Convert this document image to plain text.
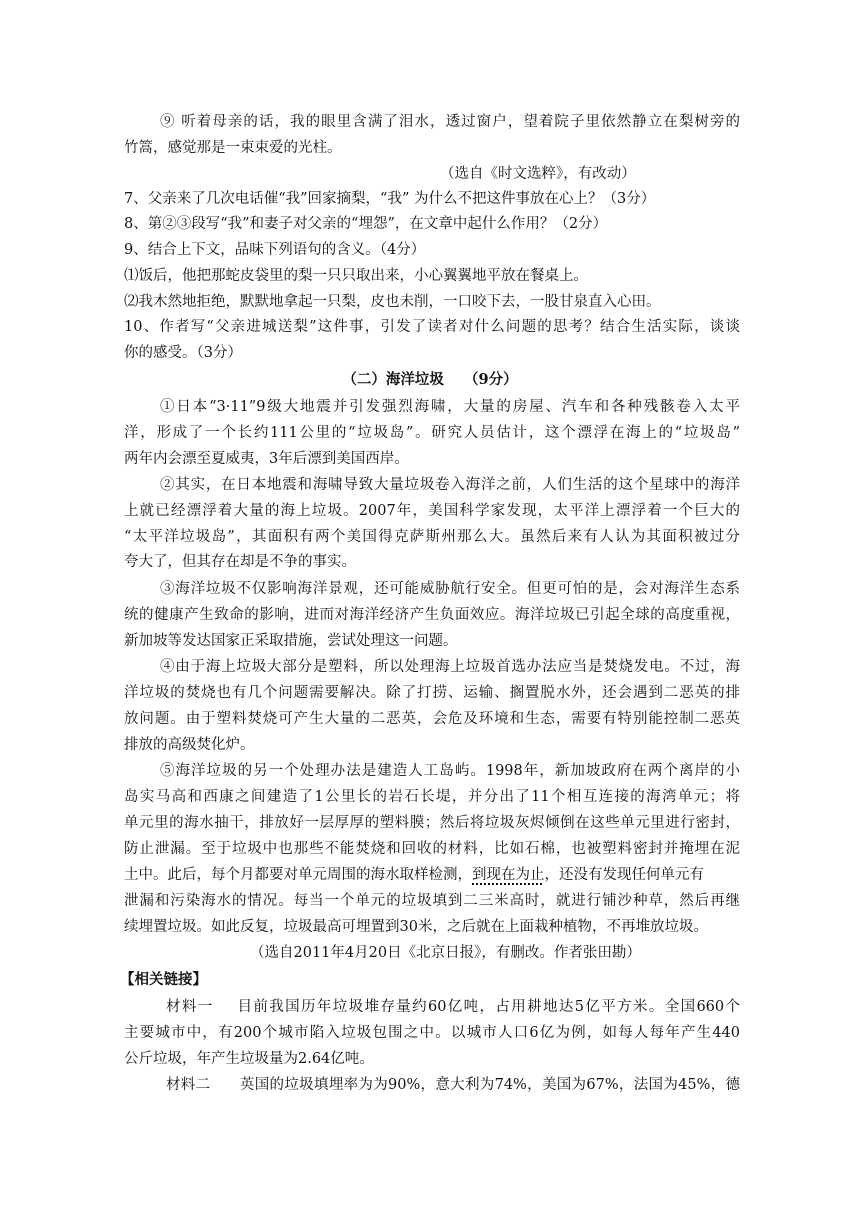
⑨ 听着母亲的话，我的眼里含满了泪水，透过窗户，望着院子里依然静立在梨树旁的
竹篙，感觉那是一束束爱的光柱。
（选自《时文选粹》，有改动）
7、父亲来了几次电话催“我”回家摘梨，“我” 为什么不把这件事放在心上？（3分）
8、第②③段写“我”和妻子对父亲的“埋怨”，在文章中起什么作用？（2分）
9、结合上下文，品味下列语句的含义。（4分）
⑴饭后，他把那蛇皮袋里的梨一只只取出来，小心翼翼地平放在餐桌上。
⑵我木然地拒绝，默默地拿起一只梨，皮也未削，一口咬下去，一股甘泉直入心田。
10、作者写“父亲进城送梨”这件事，引发了读者对什么问题的思考？结合生活实际，谈谈
你的感受。（3分）
（二）海洋垃圾    （9分）
①日本“3·11”9级大地震并引发强烈海啸，大量的房屋、汽车和各种残骸卷入太平
洋，形成了一个长约111公里的“垃圾岛”。研究人员估计，这个漂浮在海上的“垃圾岛”
两年内会漂至夏威夷，3年后漂到美国西岸。
②其实，在日本地震和海啸导致大量垃圾卷入海洋之前，人们生活的这个星球中的海洋
上就已经漂浮着大量的海上垃圾。2007年，美国科学家发现，太平洋上漂浮着一个巨大的
“太平洋垃圾岛”，其面积有两个美国得克萨斯州那么大。虽然后来有人认为其面积被过分
夸大了，但其存在却是不争的事实。
③海洋垃圾不仅影响海洋景观，还可能威胁航行安全。但更可怕的是，会对海洋生态系
统的健康产生致命的影响，进而对海洋经济产生负面效应。海洋垃圾已引起全球的高度重视，
新加坡等发达国家正采取措施，尝试处理这一问题。
④由于海上垃圾大部分是塑料，所以处理海上垃圾首选办法应当是焚烧发电。不过，海
洋垃圾的焚烧也有几个问题需要解决。除了打捞、运输、搁置脱水外，还会遇到二恶英的排
放问题。由于塑料焚烧可产生大量的二恶英，会危及环境和生态，需要有特别能控制二恶英
排放的高级焚化炉。
⑤海洋垃圾的另一个处理办法是建造人工岛屿。1998年，新加坡政府在两个离岸的小
岛实马高和西康之间建造了1公里长的岩石长堤，并分出了11个相互连接的海湾单元；将
单元里的海水抽干，排放好一层厚厚的塑料膜；然后将垃圾灰烬倾倒在这些单元里进行密封，
防止泄漏。至于垃圾中也那些不能焚烧和回收的材料，比如石棉，也被塑料密封并掩埋在泥
土中。此后，每个月都要对单元周围的海水取样检测，到现在为止，还没有发现任何单元有
泄漏和污染海水的情况。每当一个单元的垃圾填到二三米高时，就进行铺沙种草，然后再继
续埋置垃圾。如此反复，垃圾最高可埋置到30米，之后就在上面栽种植物，不再堆放垃圾。
（选自2011年4月20日《北京日报》，有删改。作者张田勘）
【相关链接】
材料一    目前我国历年垃圾堆存量约60亿吨，占用耕地达5亿平方米。全国660个
主要城市中，有200个城市陷入垃圾包围之中。以城市人口6亿为例，如每人每年产生440
公斤垃圾，年产生垃圾量为2.64亿吨。
材料二      英国的垃圾填埋率为为90%，意大利为74%，美国为67%，法国为45%，德
